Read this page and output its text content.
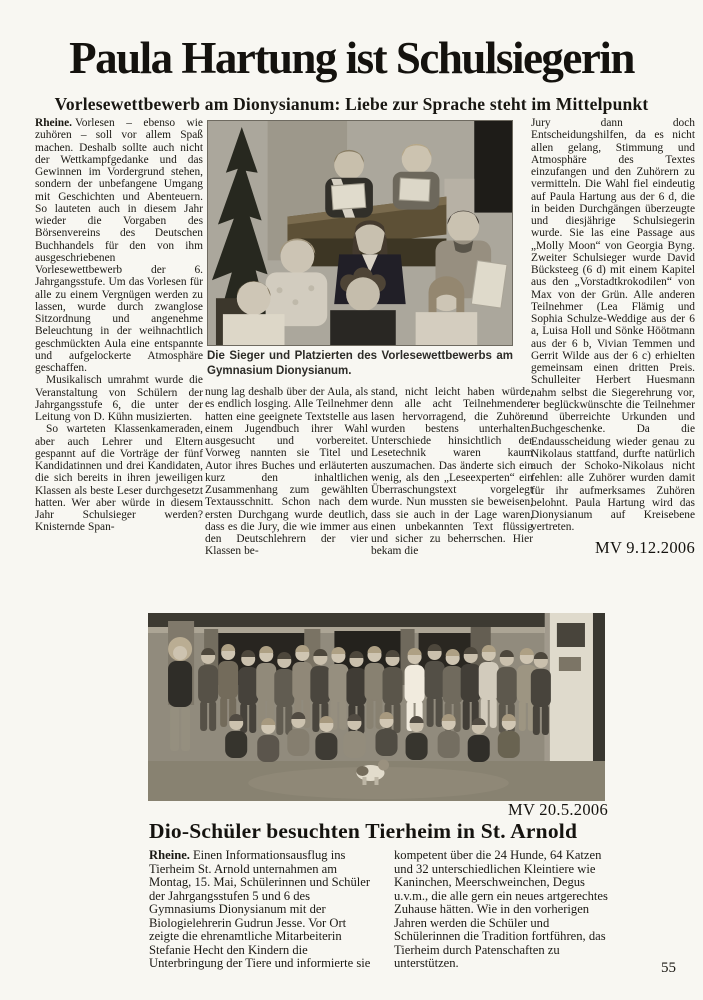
Paula Hartung ist Schulsiegerin
Vorlesewettbewerb am Dionysianum: Liebe zur Sprache steht im Mittelpunkt

Rheine. Vorlesen – ebenso wie zuhören – soll vor allem Spaß machen. Deshalb sollte auch nicht der Wettkampfgedanke und das Gewinnen im Vordergrund stehen, sondern der unbefangene Umgang mit Geschichten und Abenteuern. So lauteten auch in diesem Jahr wieder die Vorgaben des Börsenvereins des Deutschen Buchhandels für den von ihm ausgeschriebenen Vorlesewettbewerb der 6. Jahrgangsstufe. Um das Vorlesen für alle zu einem Vergnügen werden zu lassen, wurde durch zwanglose Sitzordnung und angenehme Beleuchtung in der weihnachtlich geschmückten Aula eine entspannte und aufgelockerte Atmosphäre geschaffen.

Musikalisch umrahmt wurde die Veranstaltung von Schülern der Jahrgangsstufe 6, die unter der Leitung von D. Kühn musizierten.

So warteten Klassenkameraden, aber auch Lehrer und Eltern gespannt auf die Vorträge der fünf Kandidatinnen und drei Kandidaten, die sich bereits in ihren jeweiligen Klassen als beste Leser durchgesetzt hatten. Wer aber würde in diesem Jahr Schulsieger werden? Knisternde Span-

Die Sieger und Platzierten des Vorlesewettbewerbs am Gymnasium Dionysianum.

nung lag deshalb über der Aula, als es endlich losging. Alle Teilnehmer hatten eine geeignete Textstelle aus einem Jugendbuch ihrer Wahl ausgesucht und vorbereitet. Vorweg nannten sie Titel und Autor ihres Buches und erläuterten kurz den inhaltlichen Zusammenhang zum gewählten Textausschnitt. Schon nach dem ersten Durchgang wurde deutlich, dass es die Jury, die wie immer aus den Deutschlehrern der vier Klassen be-

stand, nicht leicht haben würde, denn alle acht Teilnehmenden lasen hervorragend, die Zuhörer wurden bestens unterhalten. Unterschiede hinsichtlich der Lesetechnik waren kaum auszumachen. Das änderte sich ein wenig, als den „Leseexperten“ ein Überraschungstext vorgelegt wurde. Nun mussten sie beweisen, dass sie auch in der Lage waren, einen unbekannten Text flüssig und sicher zu beherrschen. Hier bekam die

Jury dann doch Entscheidungshilfen, da es nicht allen gelang, Stimmung und Atmosphäre des Textes einzufangen und den Zuhörern zu vermitteln. Die Wahl fiel eindeutig auf Paula Hartung aus der 6 d, die in beiden Durchgängen überzeugte und diesjährige Schulsiegerin wurde. Sie las eine Passage aus „Molly Moon“ von Georgia Byng. Zweiter Schulsieger wurde David Bücksteeg (6 d) mit einem Kapitel aus den „Vorstadtkrokodilen“ von Max von der Grün. Alle anderen Teilnehmer (Lea Flämig und Sophia Schulze-Weddige aus der 6 a, Luisa Holl und Sönke Höötmann aus der 6 b, Vivian Temmen und Gerrit Wilde aus der 6 c) erhielten gemeinsam einen dritten Preis. Schulleiter Herbert Huesmann nahm selbst die Siegerehrung vor, er beglückwünschte die Teilnehmer und überreichte Urkunden und Buchgeschenke. Da die Endausscheidung wieder genau zu Nikolaus stattfand, durfte natürlich auch der Schoko-Nikolaus nicht fehlen: alle Zuhörer wurden damit für ihr aufmerksames Zuhören belohnt. Paula Hartung wird das Dionysianum auf Kreisebene vertreten.

MV 9.12.2006
MV 20.5.2006
Dio-Schüler besuchten Tierheim in St. Arnold

Rheine. Einen Informationsausflug ins Tierheim St. Arnold unternahmen am Montag, 15. Mai, Schülerinnen und Schüler der Jahrgangsstufen 5 und 6 des Gymnasiums Dionysianum mit der Biologielehrerin Gudrun Jesse. Vor Ort zeigte die ehrenamtliche Mitarbeiterin Stefanie Hecht den Kindern die Unterbringung der Tiere und informierte sie

kompetent über die 24 Hunde, 64 Katzen und 32 unterschiedlichen Kleintiere wie Kaninchen, Meerschweinchen, Degus u.v.m., die alle gern ein neues artgerechtes Zuhause hätten. Wie in den vorherigen Jahren werden die Schüler und Schülerinnen die Tradition fortführen, das Tierheim durch Patenschaften zu unterstützen.	55
